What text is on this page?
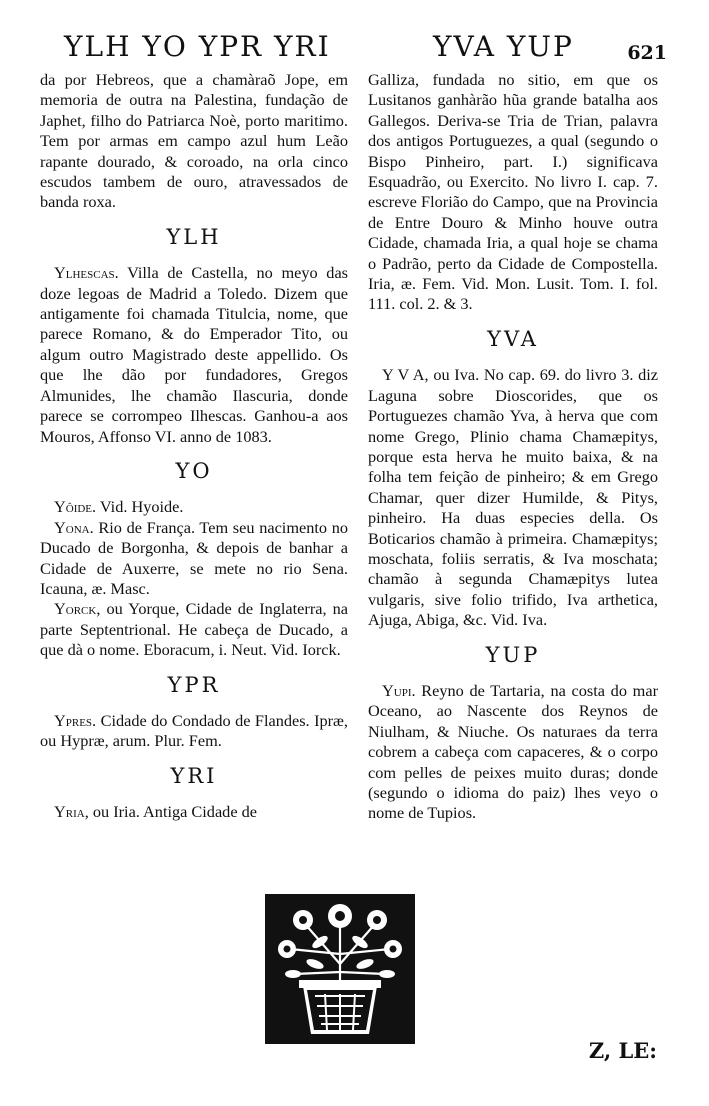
YLH YO YPR YRI	YVA YUP	621

da por Hebreos, que a chamàraõ Jope, em memoria de outra na Palestina, fundação de Japhet, filho do Patriarca Noè, porto maritimo. Tem por armas em campo azul hum Leão rapante dourado, & coroado, na orla cinco escudos tambem de ouro, atravessados de banda roxa.

YLH

Ylhescas. Villa de Castella, no meyo das doze legoas de Madrid a Toledo. Dizem que antigamente foi chamada Titulcia, nome, que parece Romano, & do Emperador Tito, ou algum outro Magistrado deste appellido. Os que lhe dão por fundadores, Gregos Almunides, lhe chamão Ilascuria, donde parece se corrompeo Ilhescas. Ganhou-a aos Mouros, Affonso VI. anno de 1083.

YO

Yôide. Vid. Hyoide.

Yona. Rio de França. Tem seu nacimento no Ducado de Borgonha, & depois de banhar a Cidade de Auxerre, se mete no rio Sena. Icauna, æ. Masc.

Yorck, ou Yorque, Cidade de Inglaterra, na parte Septentrional. He cabeça de Ducado, a que dà o nome. Eboracum, i. Neut. Vid. Iorck.

YPR

Ypres. Cidade do Condado de Flandes. Ipræ, ou Hypræ, arum. Plur. Fem.

YRI

Yria, ou Iria. Antiga Cidade de

Galliza, fundada no sitio, em que os Lusitanos ganhàrão hũa grande batalha aos Gallegos. Deriva-se Tria de Trian, palavra dos antigos Portuguezes, a qual (segundo o Bispo Pinheiro, part. I.) significava Esquadrão, ou Exercito. No livro I. cap. 7. escreve Florião do Campo, que na Provincia de Entre Douro & Minho houve outra Cidade, chamada Iria, a qual hoje se chama o Padrão, perto da Cidade de Compostella. Iria, æ. Fem. Vid. Mon. Lusit. Tom. I. fol. 111. col. 2. & 3.

YVA

Y V A, ou Iva. No cap. 69. do livro 3. diz Laguna sobre Dioscorides, que os Portuguezes chamão Yva, à herva que com nome Grego, Plinio chama Chamæpitys, porque esta herva he muito baixa, & na folha tem feição de pinheiro; & em Grego Chamar, quer dizer Humilde, & Pitys, pinheiro. Ha duas especies della. Os Boticarios chamão à primeira. Chamæpitys; moschata, foliis serratis, & Iva moschata; chamão à segunda Chamæpitys lutea vulgaris, sive folio trifido, Iva arthetica, Ajuga, Abiga, &c. Vid. Iva.

YUP

Yupi. Reyno de Tartaria, na costa do mar Oceano, ao Nascente dos Reynos de Niulham, & Niuche. Os naturaes da terra cobrem a cabeça com capaceres, & o corpo com pelles de peixes muito duras; donde (segundo o idioma do paiz) lhes veyo o nome de Tupios.

Z, LE:
